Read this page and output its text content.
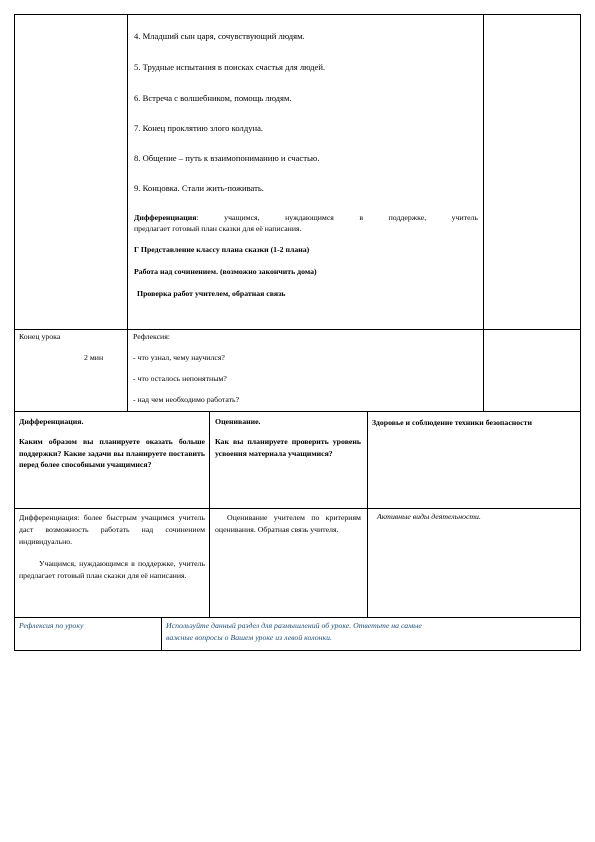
4. Младший сын царя, сочувствующий людям.
5. Трудные испытания в поисках счастья для людей.
6. Встреча с волшебником, помощь людям.
7. Конец проклятию злого колдуна.
8. Общение – путь к взаимопониманию и счастью.
9. Концовка. Стали жить-поживать.
Дифференциация : учащимся, нуждающимся в поддержке, учитель
предлагает готовый план сказки для её написания.
Г Представление классу плана сказки (1-2 плана)
Работа над сочинением. (возможно закончить дома)
Проверка работ учителем, обратная связь
Конец урока
2 мин
Рефлексия:
- что узнал, чему научился?
- что осталось непонятным?
- над чем необходимо работать?
Дифференциация.

Каким образом вы планируете оказать больше поддержки? Какие задачи вы планируете поставить перед более способными учащимися?

Оценивание.

Как вы планируете проверить уровень усвоения материала учащимися?

Здоровье и соблюдение техники безопасности

Дифференциация: более быстрым учащимся учитель даст возможность работать над сочинением индивидуально.

Учащимся, нуждающимся в поддержке, учитель предлагает готовый план сказки для её написания.

Оценивание учителем по критериям оценивания. Обратная связь учителя.

Активные виды деятельности.
Рефлексия по уроку	Используйте данный раздел для размышлений об уроке. Ответьте на самые
важные вопросы о Вашем уроке из левой колонки.
